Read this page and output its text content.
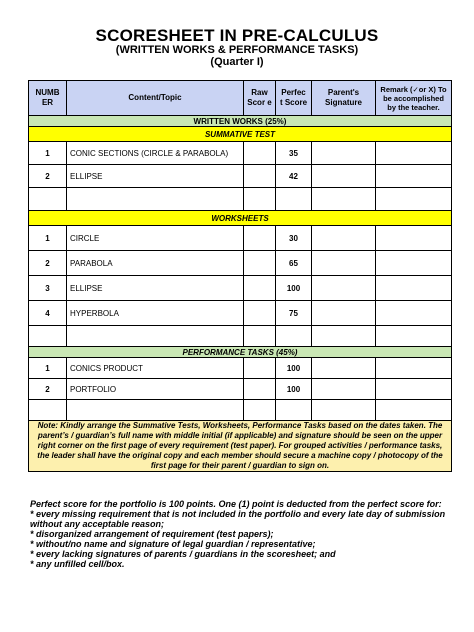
SCORESHEET IN PRE-CALCULUS
(WRITTEN WORKS & PERFORMANCE TASKS)
(Quarter I)
NUMB ER	Content/Topic	Raw Scor e	Perfec t Score	Parent's Signature	Remark (✓or X) To be accomplished by the teacher.
WRITTEN WORKS (25%)					
SUMMATIVE TEST					
1	CONIC SECTIONS (CIRCLE & PARABOLA)		35		
2	ELLIPSE		42		

WORKSHEETS					
1	CIRCLE		30		
2	PARABOLA		65		
3	ELLIPSE		100		
4	HYPERBOLA		75		

PERFORMANCE TASKS (45%)					
1	CONICS PRODUCT		100		
2	PORTFOLIO		100		

Note: Kindly arrange the Summative Tests, Worksheets, Performance Tasks based on the dates taken. The parent’s / guardian’s full name with middle initial (if applicable) and signature should be seen on the upper right corner on the first page of every requirement (test paper). For grouped activities / performance tasks, the leader shall have the original copy and each member should secure a machine copy / photocopy of the first page for their parent / guardian to sign on.					
Perfect score for the portfolio is 100 points. One (1) point is deducted from the perfect score for:
* every missing requirement that is not included in the portfolio and every late day of submission without any acceptable reason;
* disorganized arrangement of requirement (test papers);
* without/no name and signature of legal guardian / representative;
* every lacking signatures of parents / guardians in the scoresheet; and
* any unfilled cell/box.
